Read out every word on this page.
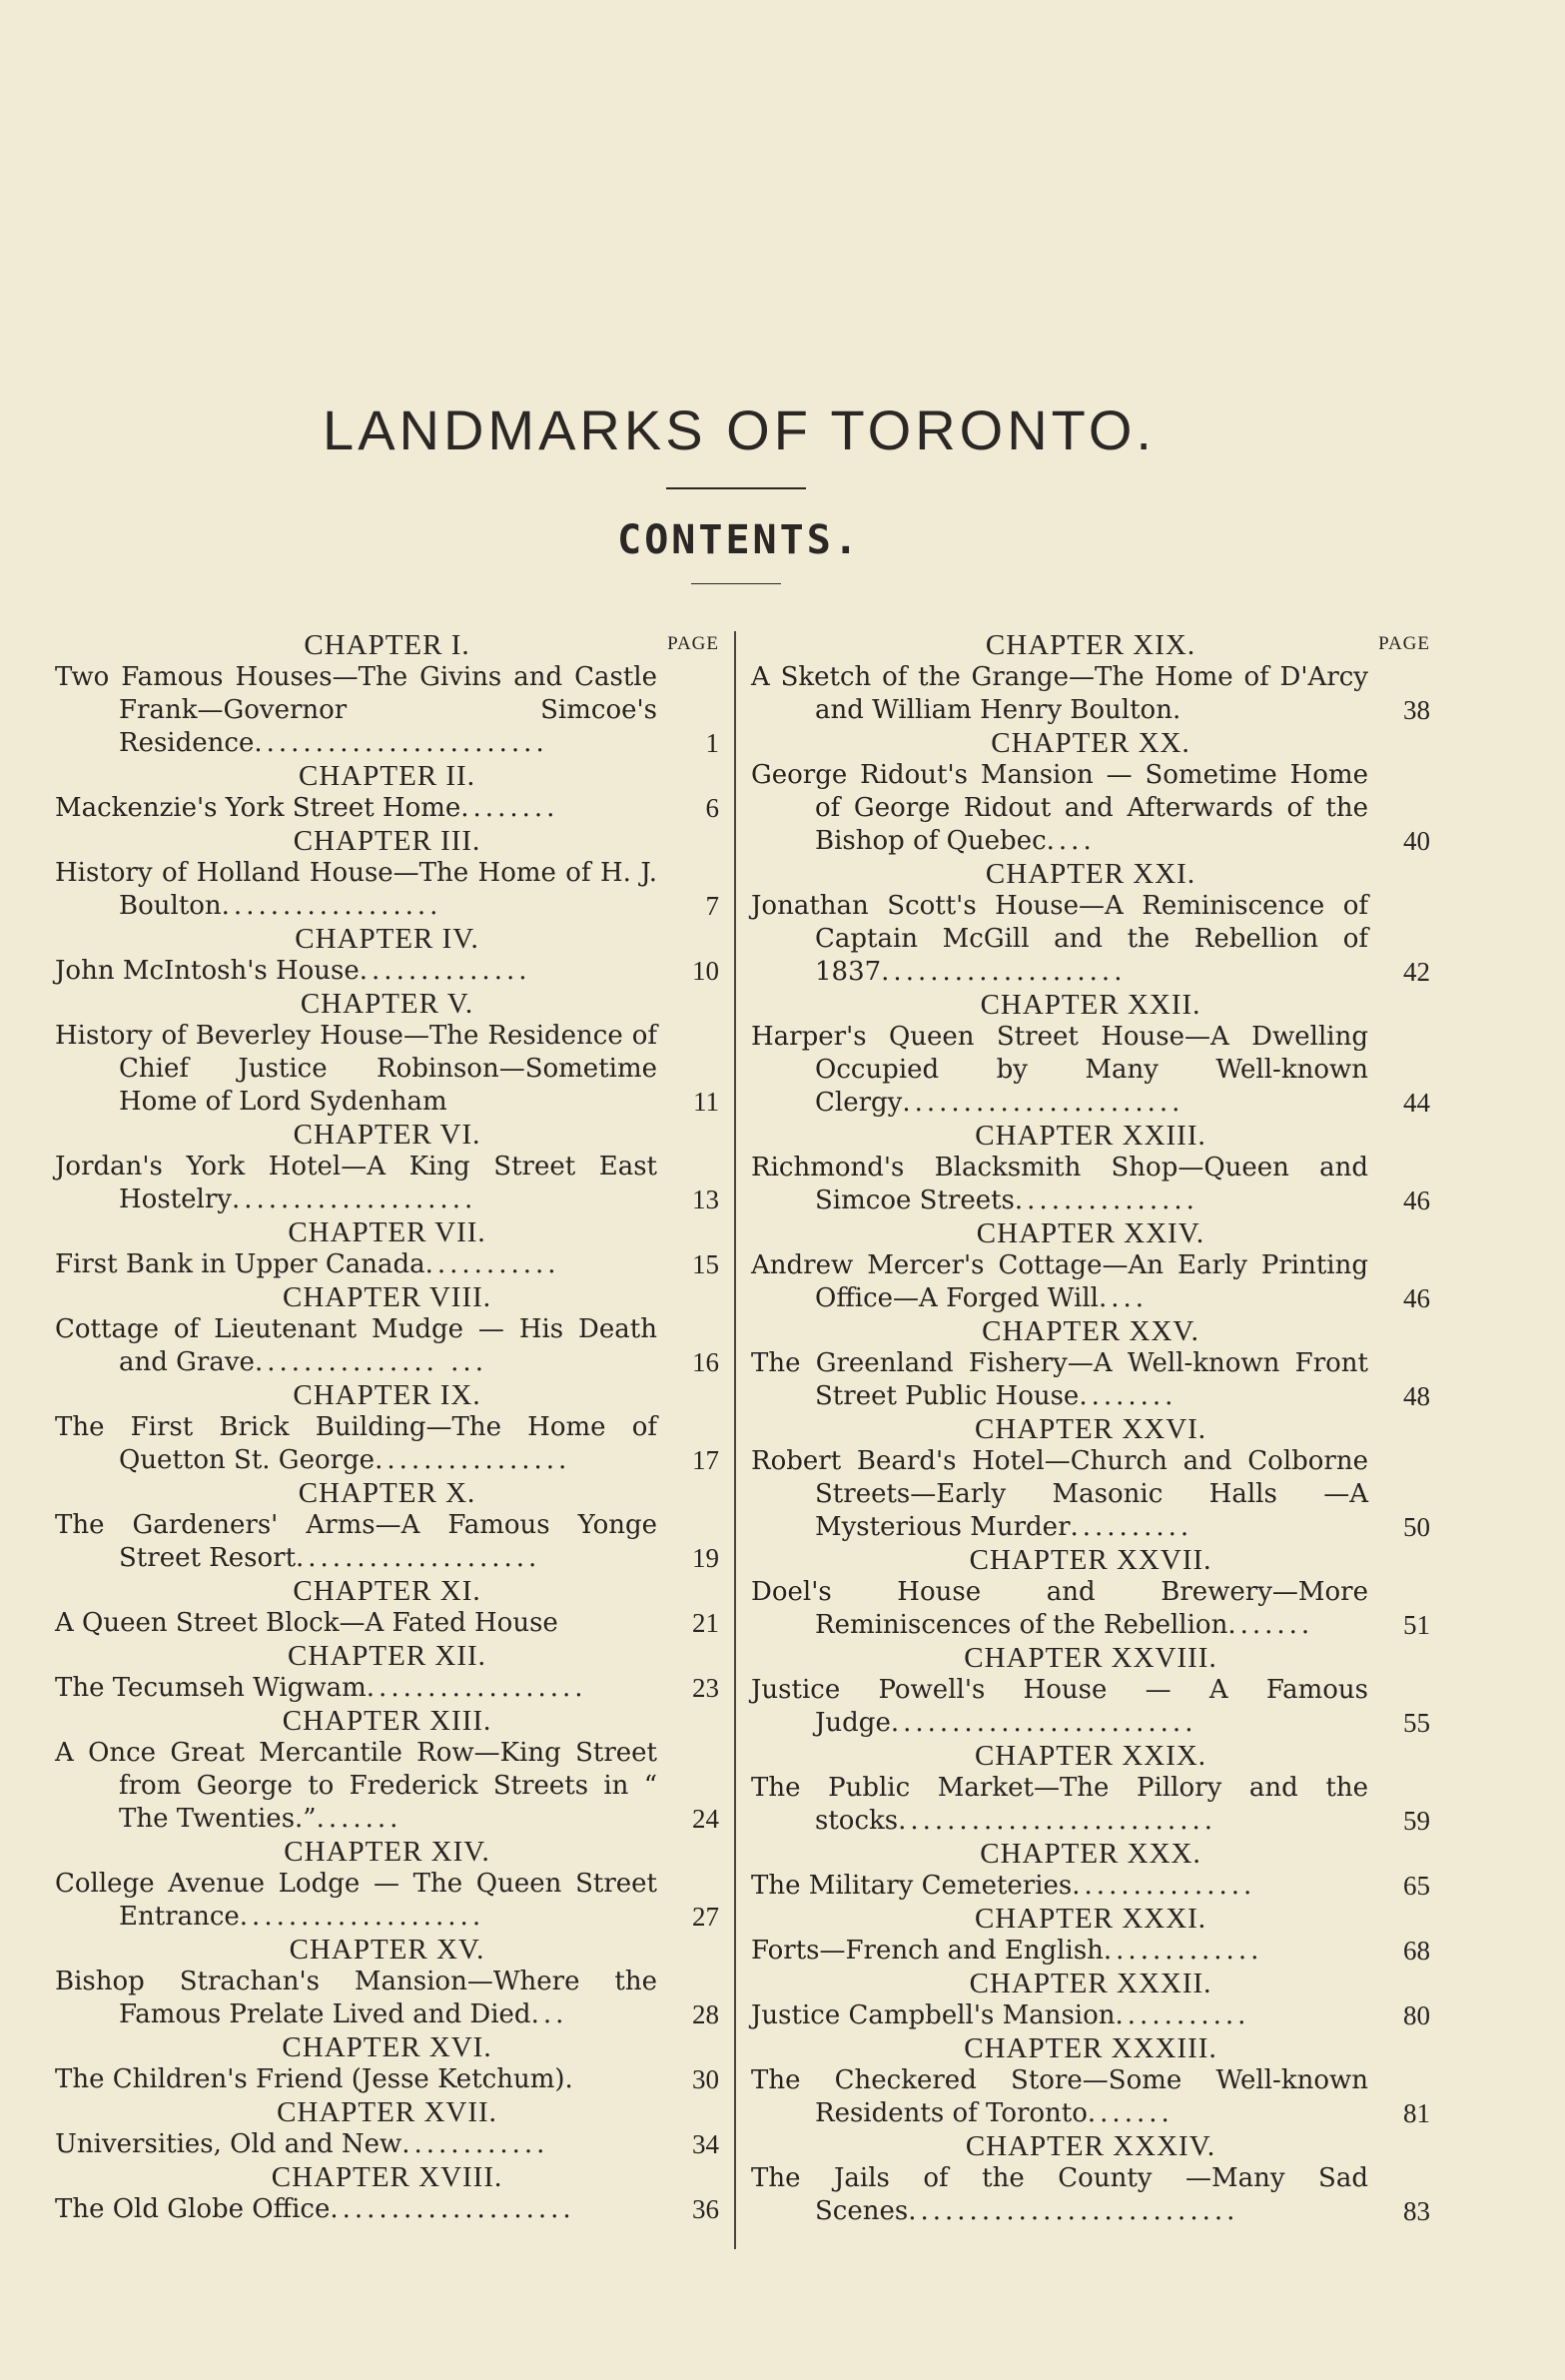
LANDMARKS OF TORONTO.
CONTENTS.
CHAPTER I.	PAGE
Two Famous Houses—The Givins and Castle Frank—Governor Simcoe's Residence........................	1
CHAPTER II.
Mackenzie's York Street Home........	6
CHAPTER III.
History of Holland House—The Home of H. J. Boulton..................	7
CHAPTER IV.
John McIntosh's House..............	10
CHAPTER V.
History of Beverley House—The Residence of Chief Justice Robinson—Sometime Home of Lord Sydenham	11
CHAPTER VI.
Jordan's York Hotel—A King Street East Hostelry....................	13
CHAPTER VII.
First Bank in Upper Canada...........	15
CHAPTER VIII.
Cottage of Lieutenant Mudge — His Death and Grave............... ...	16
CHAPTER IX.
The First Brick Building—The Home of Quetton St. George................	17
CHAPTER X.
The Gardeners' Arms—A Famous Yonge Street Resort....................	19
CHAPTER XI.
A Queen Street Block—A Fated House	21
CHAPTER XII.
The Tecumseh Wigwam..................	23
CHAPTER XIII.
A Once Great Mercantile Row—King Street from George to Frederick Streets in “ The Twenties.”.......	24
CHAPTER XIV.
College Avenue Lodge — The Queen Street Entrance....................	27
CHAPTER XV.
Bishop Strachan's Mansion—Where the Famous Prelate Lived and Died...	28
CHAPTER XVI.
The Children's Friend (Jesse Ketchum).	30
CHAPTER XVII.
Universities, Old and New............	34
CHAPTER XVIII.
The Old Globe Office....................	36
CHAPTER XIX.	PAGE
A Sketch of the Grange—The Home of D'Arcy and William Henry Boulton.	38
CHAPTER XX.
George Ridout's Mansion — Sometime Home of George Ridout and Afterwards of the Bishop of Quebec....	40
CHAPTER XXI.
Jonathan Scott's House—A Reminiscence of Captain McGill and the Rebellion of 1837....................	42
CHAPTER XXII.
Harper's Queen Street House—A Dwelling Occupied by Many Well-known Clergy.......................	44
CHAPTER XXIII.
Richmond's Blacksmith Shop—Queen and Simcoe Streets...............	46
CHAPTER XXIV.
Andrew Mercer's Cottage—An Early Printing Office—A Forged Will....	46
CHAPTER XXV.
The Greenland Fishery—A Well-known Front Street Public House........	48
CHAPTER XXVI.
Robert Beard's Hotel—Church and Colborne Streets—Early Masonic Halls —A Mysterious Murder..........	50
CHAPTER XXVII.
Doel's House and Brewery—More Reminiscences of the Rebellion.......	51
CHAPTER XXVIII.
Justice Powell's House — A Famous Judge.........................	55
CHAPTER XXIX.
The Public Market—The Pillory and the stocks..........................	59
CHAPTER XXX.
The Military Cemeteries...............	65
CHAPTER XXXI.
Forts—French and English.............	68
CHAPTER XXXII.
Justice Campbell's Mansion...........	80
CHAPTER XXXIII.
The Checkered Store—Some Well-known Residents of Toronto.......	81
CHAPTER XXXIV.
The Jails of the County —Many Sad Scenes...........................	83
